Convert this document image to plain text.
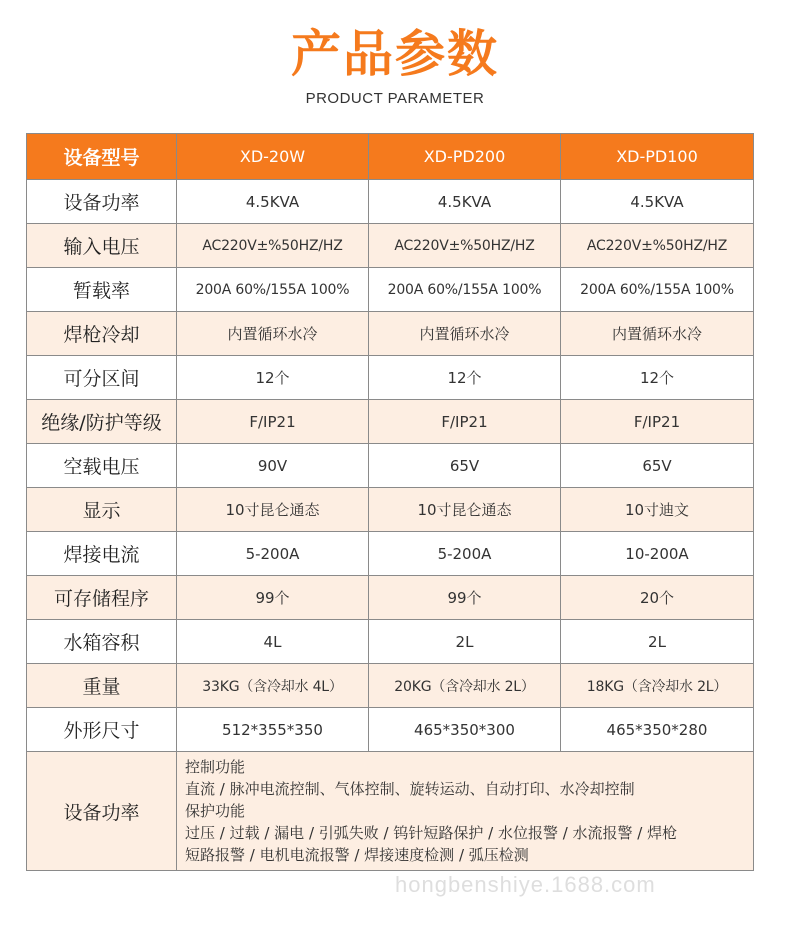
产品参数
PRODUCT PARAMETER
设备型号	XD-20W	XD-PD200	XD-PD100
设备功率	4.5KVA	4.5KVA	4.5KVA
输入电压	AC220V±%50HZ/HZ	AC220V±%50HZ/HZ	AC220V±%50HZ/HZ
暂载率	200A 60%/155A 100%	200A 60%/155A 100%	200A 60%/155A 100%
焊枪冷却	内置循环水冷	内置循环水冷	内置循环水冷
可分区间	12个	12个	12个
绝缘/防护等级	F/IP21	F/IP21	F/IP21
空载电压	90V	65V	65V
显示	10寸昆仑通态	10寸昆仑通态	10寸迪文
焊接电流	5-200A	5-200A	10-200A
可存储程序	99个	99个	20个
水箱容积	4L	2L	2L
重量	33KG（含冷却水 4L）	20KG（含冷却水 2L）	18KG（含冷却水 2L）
外形尺寸	512*355*350	465*350*300	465*350*280
设备功率	控制功能
直流 / 脉冲电流控制、气体控制、旋转运动、自动打印、水冷却控制
保护功能
过压 / 过载 / 漏电 / 引弧失败 / 钨针短路保护 / 水位报警 / 水流报警 / 焊枪
短路报警 / 电机电流报警 / 焊接速度检测 / 弧压检测		
hongbenshiye.1688.com
